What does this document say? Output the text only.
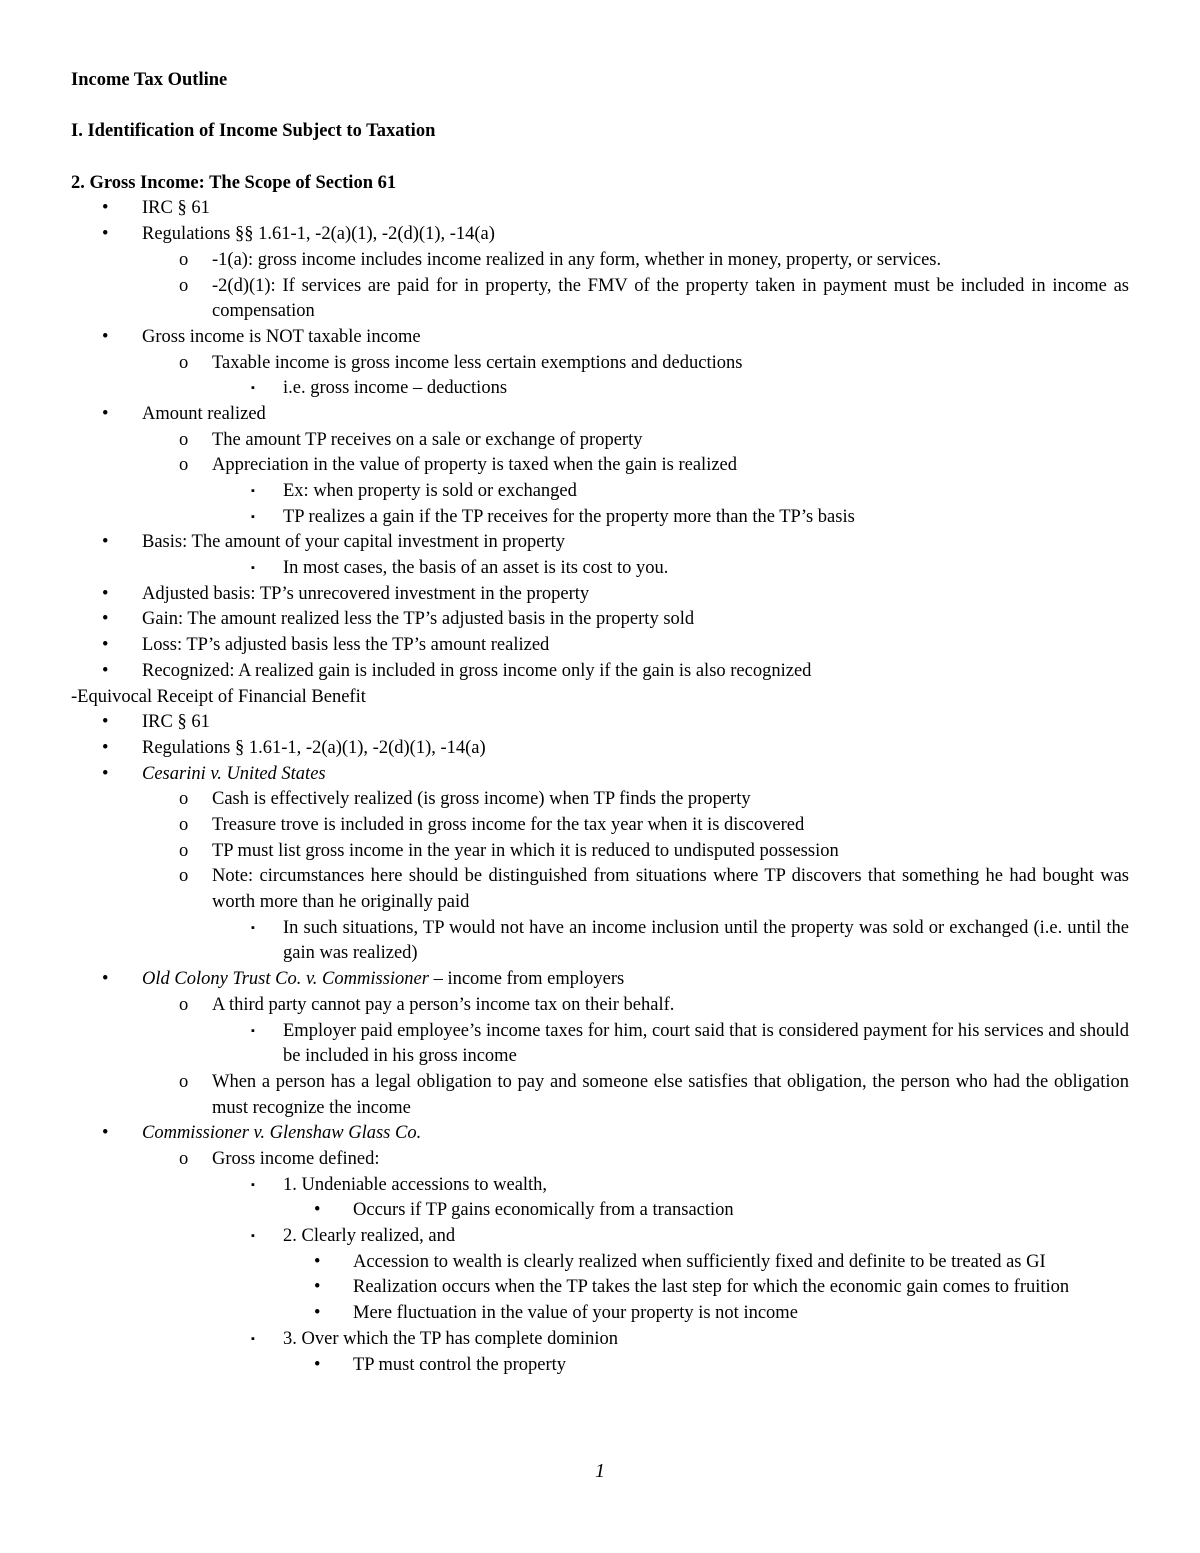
Income Tax Outline
I. Identification of Income Subject to Taxation
2. Gross Income: The Scope of Section 61
• IRC § 61
• Regulations §§ 1.61-1, -2(a)(1), -2(d)(1), -14(a)
o -1(a): gross income includes income realized in any form, whether in money, property, or services.
o -2(d)(1): If services are paid for in property, the FMV of the property taken in payment must be included in income as compensation
• Gross income is NOT taxable income
o Taxable income is gross income less certain exemptions and deductions
▪ i.e. gross income – deductions
• Amount realized
o The amount TP receives on a sale or exchange of property
o Appreciation in the value of property is taxed when the gain is realized
▪ Ex: when property is sold or exchanged
▪ TP realizes a gain if the TP receives for the property more than the TP’s basis
• Basis: The amount of your capital investment in property
▪ In most cases, the basis of an asset is its cost to you.
• Adjusted basis: TP’s unrecovered investment in the property
• Gain: The amount realized less the TP’s adjusted basis in the property sold
• Loss: TP’s adjusted basis less the TP’s amount realized
• Recognized: A realized gain is included in gross income only if the gain is also recognized
-Equivocal Receipt of Financial Benefit
• IRC § 61
• Regulations § 1.61-1, -2(a)(1), -2(d)(1), -14(a)
• Cesarini v. United States
o Cash is effectively realized (is gross income) when TP finds the property
o Treasure trove is included in gross income for the tax year when it is discovered
o TP must list gross income in the year in which it is reduced to undisputed possession
o Note: circumstances here should be distinguished from situations where TP discovers that something he had bought was worth more than he originally paid
▪ In such situations, TP would not have an income inclusion until the property was sold or exchanged (i.e. until the gain was realized)
• Old Colony Trust Co. v. Commissioner – income from employers
o A third party cannot pay a person’s income tax on their behalf.
▪ Employer paid employee’s income taxes for him, court said that is considered payment for his services and should be included in his gross income
o When a person has a legal obligation to pay and someone else satisfies that obligation, the person who had the obligation must recognize the income
• Commissioner v. Glenshaw Glass Co.
o Gross income defined:
▪ 1. Undeniable accessions to wealth,
• Occurs if TP gains economically from a transaction
▪ 2. Clearly realized, and
• Accession to wealth is clearly realized when sufficiently fixed and definite to be treated as GI
• Realization occurs when the TP takes the last step for which the economic gain comes to fruition
• Mere fluctuation in the value of your property is not income
▪ 3. Over which the TP has complete dominion
• TP must control the property
1
